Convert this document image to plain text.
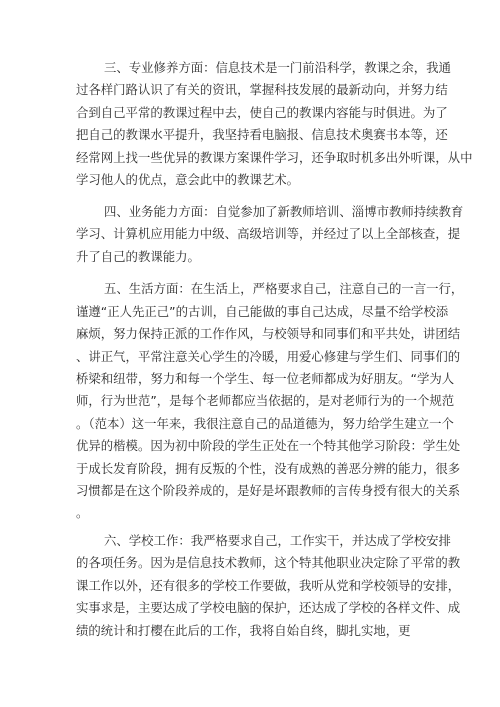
三、专业修养方面：信息技术是一门前沿科学，教课之余，我通
过各样门路认识了有关的资讯，掌握科技发展的最新动向，并努力结
合到自己平常的教课过程中去，使自己的教课内容能与时俱进。为了
把自己的教课水平提升，我坚持看电脑报、信息技术奥赛书本等，还
经常网上找一些优异的教课方案课件学习，还争取时机多出外听课，从中
学习他人的优点，意会此中的教课艺术。
四、业务能力方面：自觉参加了新教师培训、淄博市教师持续教育
学习、计算机应用能力中级、高级培训等，并经过了以上全部核查，提
升了自己的教课能力。
五、生活方面：在生活上，严格要求自己，注意自己的一言一行，
谨遵“正人先正己”的古训，自己能做的事自己达成，尽量不给学校添
麻烦，努力保持正派的工作作风，与校领导和同事们和平共处，讲团结
、讲正气，平常注意关心学生的冷暖，用爱心修建与学生们、同事们的
桥梁和纽带，努力和每一个学生、每一位老师都成为好朋友。“学为人
师，行为世范”，是每个老师都应当依据的，是对老师行为的一个规范
。（范本）这一年来，我很注意自己的品道德为，努力给学生建立一个
优异的楷模。因为初中阶段的学生正处在一个特其他学习阶段：学生处
于成长发育阶段，拥有反叛的个性，没有成熟的善恶分辨的能力，很多
习惯都是在这个阶段养成的，是好是坏跟教师的言传身授有很大的关系
。
六、学校工作：我严格要求自己，工作实干，并达成了学校安排
的各项任务。因为是信息技术教师，这个特其他职业决定除了平常的教
课工作以外，还有很多的学校工作要做，我听从党和学校领导的安排，
实事求是，主要达成了学校电脑的保护，还达成了学校的各样文件、成
绩的统计和打樱在此后的工作，我将自始自终，脚扎实地，更
